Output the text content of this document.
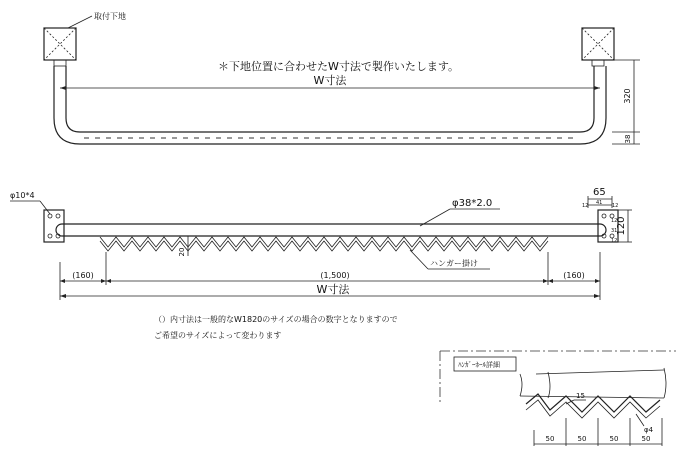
取付下地
＊下地位置に合わせたW寸法で製作いたします。
W寸法
320
38
φ10*4
φ38*2.0
20
ハンガー掛け
65
12 41 12
12
31
12
120
(160)	(1,500)	(160)
W寸法
（）内寸法は一般的なW1820のサイズの場合の数字となりますので
ご希望のサイズによって変わります
ﾊﾝｶﾞｰﾎｰﾙ詳細
15
φ4
50	50	50	50
